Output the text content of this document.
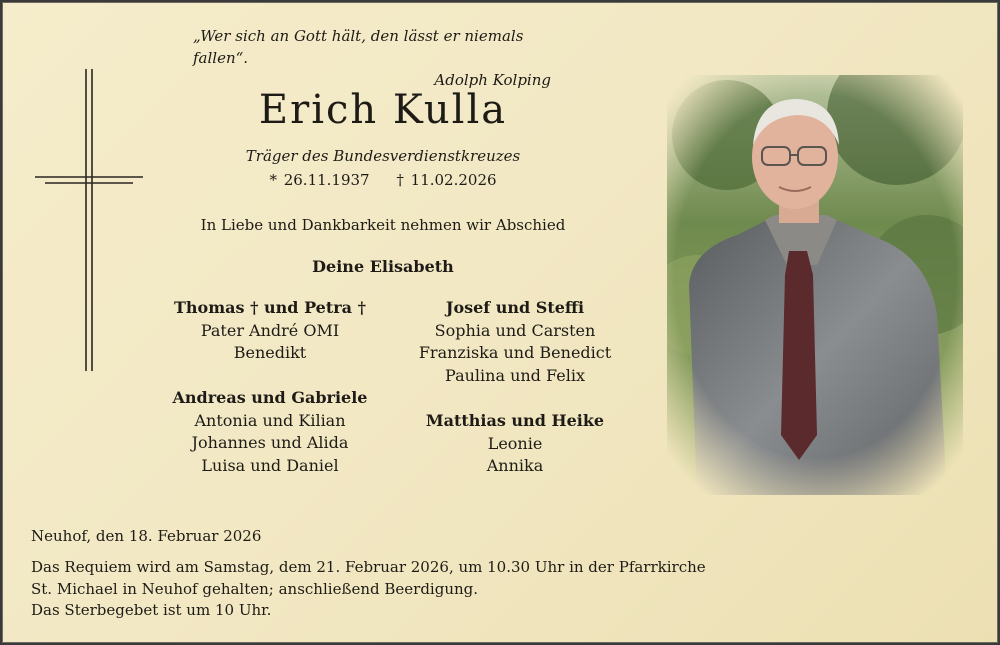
„Wer sich an Gott hält, den lässt er niemals fallen“.
Adolph Kolping
Erich Kulla
Träger des Bundesverdienstkreuzes
* 26.11.1937 † 11.02.2026
In Liebe und Dankbarkeit nehmen wir Abschied
Deine Elisabeth
Thomas † und Petra †
Pater André OMI
Benedikt
Josef und Steffi
Sophia und Carsten
Franziska und Benedict
Paulina und Felix
Andreas und Gabriele
Antonia und Kilian
Johannes und Alida
Luisa und Daniel
Matthias und Heike
Leonie
Annika
Neuhof, den 18. Februar 2026
Das Requiem wird am Samstag, dem 21. Februar 2026, um 10.30 Uhr in der Pfarrkirche
St. Michael in Neuhof gehalten; anschließend Beerdigung.
Das Sterbegebet ist um 10 Uhr.
